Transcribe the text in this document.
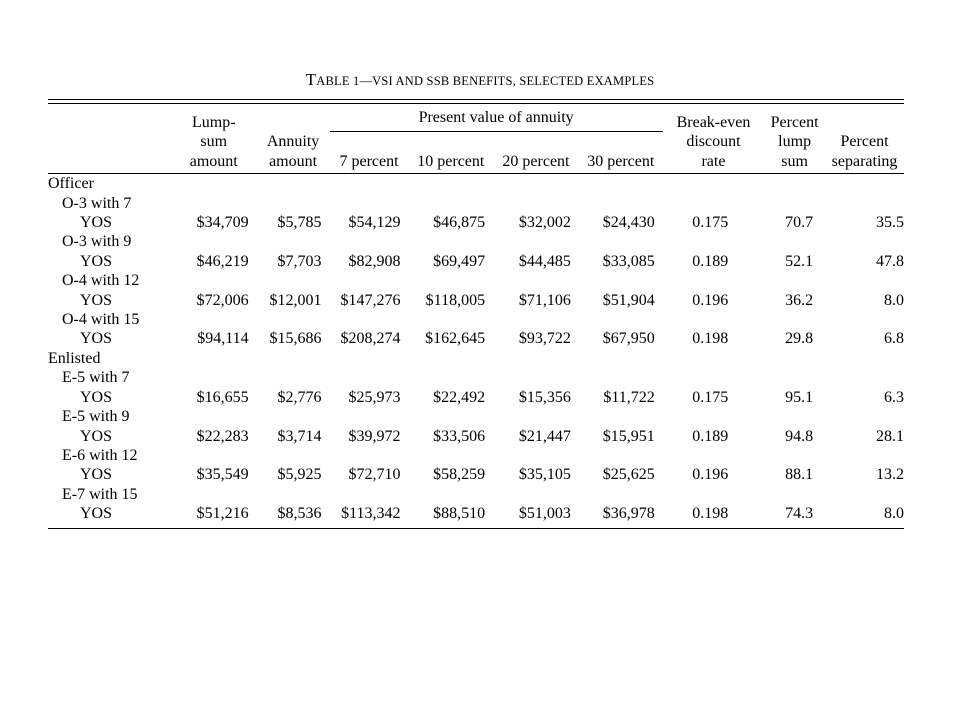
TABLE 1—VSI AND SSB BENEFITS, SELECTED EXAMPLES
	Lump-		Present value of annuity				Break-even	Percent	
	sum	Annuity					discount	lump	Percent
	amount	amount	7 percent	10 percent	20 percent	30 percent	rate	sum	separating
Officer									
O-3 with 7									
YOS	$34,709	$5,785	$54,129	$46,875	$32,002	$24,430	0.175	70.7	35.5
O-3 with 9									
YOS	$46,219	$7,703	$82,908	$69,497	$44,485	$33,085	0.189	52.1	47.8
O-4 with 12									
YOS	$72,006	$12,001	$147,276	$118,005	$71,106	$51,904	0.196	36.2	8.0
O-4 with 15									
YOS	$94,114	$15,686	$208,274	$162,645	$93,722	$67,950	0.198	29.8	6.8
Enlisted									
E-5 with 7									
YOS	$16,655	$2,776	$25,973	$22,492	$15,356	$11,722	0.175	95.1	6.3
E-5 with 9									
YOS	$22,283	$3,714	$39,972	$33,506	$21,447	$15,951	0.189	94.8	28.1
E-6 with 12									
YOS	$35,549	$5,925	$72,710	$58,259	$35,105	$25,625	0.196	88.1	13.2
E-7 with 15									
YOS	$51,216	$8,536	$113,342	$88,510	$51,003	$36,978	0.198	74.3	8.0
